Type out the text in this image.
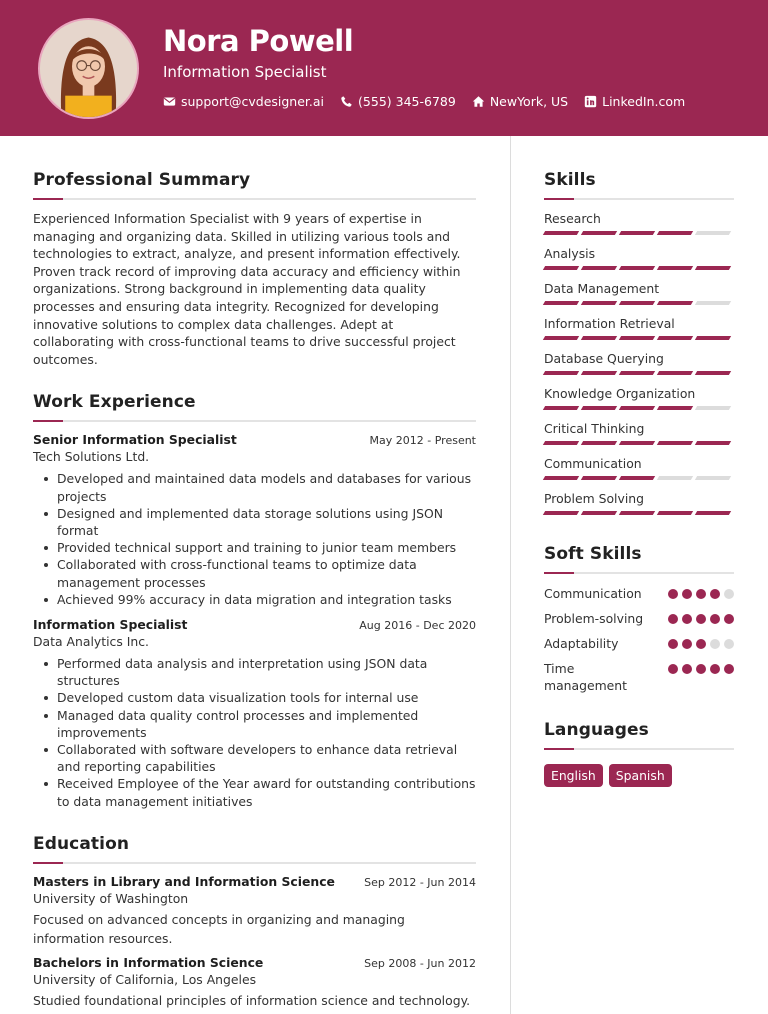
Nora Powell
Information Specialist
support@cvdesigner.ai	(555) 345-6789	NewYork, US	LinkedIn.com
Professional Summary

Experienced Information Specialist with 9 years of expertise in managing and organizing data. Skilled in utilizing various tools and technologies to extract, analyze, and present information effectively. Proven track record of improving data accuracy and efficiency within organizations. Strong background in implementing data quality processes and ensuring data integrity. Recognized for developing innovative solutions to complex data challenges. Adept at collaborating with cross-functional teams to drive successful project outcomes.

Work Experience
Senior Information Specialist	May 2012 - Present
Tech Solutions Ltd.
Developed and maintained data models and databases for various projects
Designed and implemented data storage solutions using JSON format
Provided technical support and training to junior team members
Collaborated with cross-functional teams to optimize data management processes
Achieved 99% accuracy in data migration and integration tasks
Information Specialist	Aug 2016 - Dec 2020
Data Analytics Inc.
Performed data analysis and interpretation using JSON data structures
Developed custom data visualization tools for internal use
Managed data quality control processes and implemented improvements
Collaborated with software developers to enhance data retrieval and reporting capabilities
Received Employee of the Year award for outstanding contributions to data management initiatives
Education
Masters in Library and Information Science	Sep 2012 - Jun 2014
University of Washington

Focused on advanced concepts in organizing and managing information resources.

Bachelors in Information Science	Sep 2008 - Jun 2012
University of California, Los Angeles

Studied foundational principles of information science and technology.

Skills
Research
Analysis
Data Management
Information Retrieval
Database Querying
Knowledge Organization
Critical Thinking
Communication
Problem Solving
Soft Skills
Communication
Problem-solving
Adaptability
Time management
Languages
English	Spanish
